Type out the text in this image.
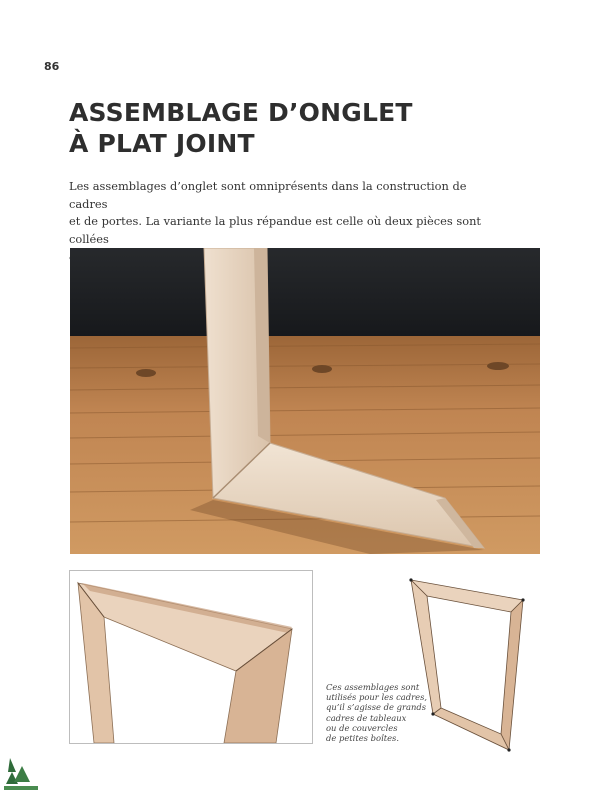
86
ASSEMBLAGE D’ONGLET
À PLAT JOINT

Les assemblages d’onglet sont omniprésents dans la construction de cadres
et de portes. La variante la plus répandue est celle où deux pièces sont collées

Ces assemblages sont
utilisés pour les cadres,
qu’il s’agisse de grands
cadres de tableaux
ou de couvercles
de petites boîtes.
